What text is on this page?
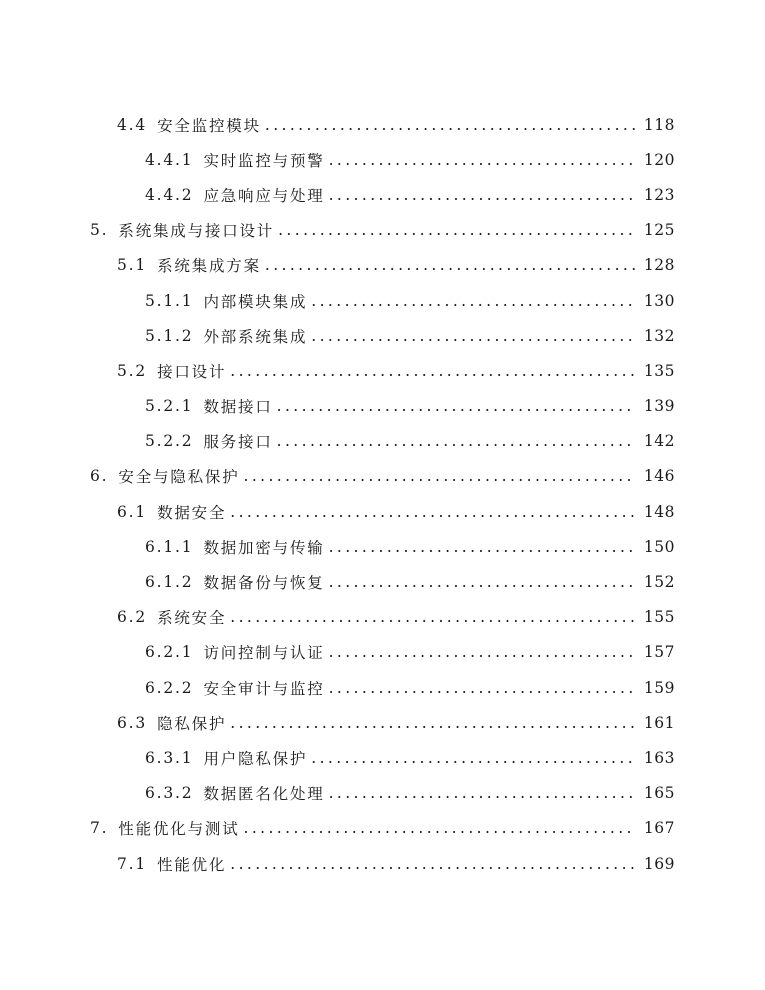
4.4 安全监控模块 .....	118
4.4.1 实时监控与预警 .....	120
4.4.2 应急响应与处理 .....	123
5. 系统集成与接口设计 .....	125
5.1 系统集成方案 .....	128
5.1.1 内部模块集成 .....	130
5.1.2 外部系统集成 .....	132
5.2 接口设计 .....	135
5.2.1 数据接口 .....	139
5.2.2 服务接口 .....	142
6. 安全与隐私保护 .....	146
6.1 数据安全 .....	148
6.1.1 数据加密与传输 .....	150
6.1.2 数据备份与恢复 .....	152
6.2 系统安全 .....	155
6.2.1 访问控制与认证 .....	157
6.2.2 安全审计与监控 .....	159
6.3 隐私保护 .....	161
6.3.1 用户隐私保护 .....	163
6.3.2 数据匿名化处理 .....	165
7. 性能优化与测试 .....	167
7.1 性能优化 .....	169
